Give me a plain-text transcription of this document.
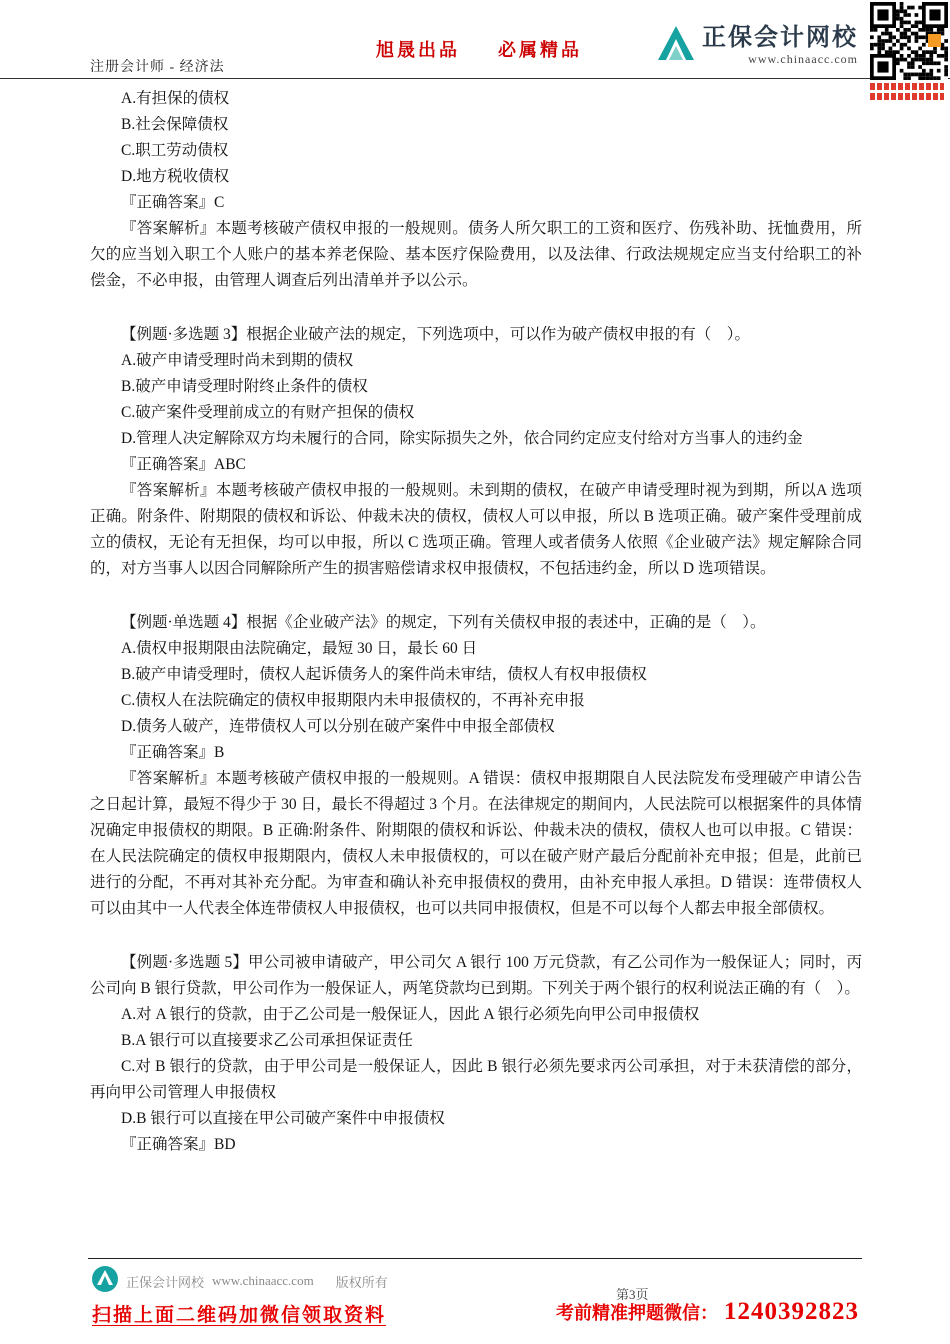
旭晟出品 必属精品	正保会计网校
www.chinaacc.com
注册会计师 - 经济法

A.有担保的债权

B.社会保障债权

C.职工劳动债权

D.地方税收债权

『正确答案』C

『答案解析』本题考核破产债权申报的一般规则。债务人所欠职工的工资和医疗、伤残补助、抚恤费用，所欠的应当划入职工个人账户的基本养老保险、基本医疗保险费用，以及法律、行政法规规定应当支付给职工的补偿金，不必申报，由管理人调查后列出清单并予以公示。

【例题·多选题 3】根据企业破产法的规定，下列选项中，可以作为破产债权申报的有（　）。

A.破产申请受理时尚未到期的债权

B.破产申请受理时附终止条件的债权

C.破产案件受理前成立的有财产担保的债权

D.管理人决定解除双方均未履行的合同，除实际损失之外，依合同约定应支付给对方当事人的违约金

『正确答案』ABC

『答案解析』本题考核破产债权申报的一般规则。未到期的债权，在破产申请受理时视为到期，所以A 选项正确。附条件、附期限的债权和诉讼、仲裁未决的债权，债权人可以申报，所以 B 选项正确。破产案件受理前成立的债权，无论有无担保，均可以申报，所以 C 选项正确。管理人或者债务人依照《企业破产法》规定解除合同的，对方当事人以因合同解除所产生的损害赔偿请求权申报债权，不包括违约金，所以 D 选项错误。

【例题·单选题 4】根据《企业破产法》的规定，下列有关债权申报的表述中，正确的是（　）。

A.债权申报期限由法院确定，最短 30 日，最长 60 日

B.破产申请受理时，债权人起诉债务人的案件尚未审结，债权人有权申报债权

C.债权人在法院确定的债权申报期限内未申报债权的，不再补充申报

D.债务人破产，连带债权人可以分别在破产案件中申报全部债权

『正确答案』B

『答案解析』本题考核破产债权申报的一般规则。A 错误：债权申报期限自人民法院发布受理破产申请公告之日起计算，最短不得少于 30 日，最长不得超过 3 个月。在法律规定的期间内，人民法院可以根据案件的具体情况确定申报债权的期限。B 正确:附条件、附期限的债权和诉讼、仲裁未决的债权，债权人也可以申报。C 错误：在人民法院确定的债权申报期限内，债权人未申报债权的，可以在破产财产最后分配前补充申报；但是，此前已进行的分配，不再对其补充分配。为审查和确认补充申报债权的费用，由补充申报人承担。D 错误：连带债权人可以由其中一人代表全体连带债权人申报债权，也可以共同申报债权，但是不可以每个人都去申报全部债权。

【例题·多选题 5】甲公司被申请破产，甲公司欠 A 银行 100 万元贷款，有乙公司作为一般保证人；同时，丙公司向 B 银行贷款，甲公司作为一般保证人，两笔贷款均已到期。下列关于两个银行的权利说法正确的有（　）。

A.对 A 银行的贷款，由于乙公司是一般保证人，因此 A 银行必须先向甲公司申报债权

B.A 银行可以直接要求乙公司承担保证责任

C.对 B 银行的贷款，由于甲公司是一般保证人，因此 B 银行必须先要求丙公司承担，对于未获清偿的部分，再向甲公司管理人申报债权

D.B 银行可以直接在甲公司破产案件中申报债权

『正确答案』BD

正保会计网校 www.chinaacc.com 版权所有
第3页
扫描上面二维码加微信领取资料	考前精准押题微信： 1240392823
